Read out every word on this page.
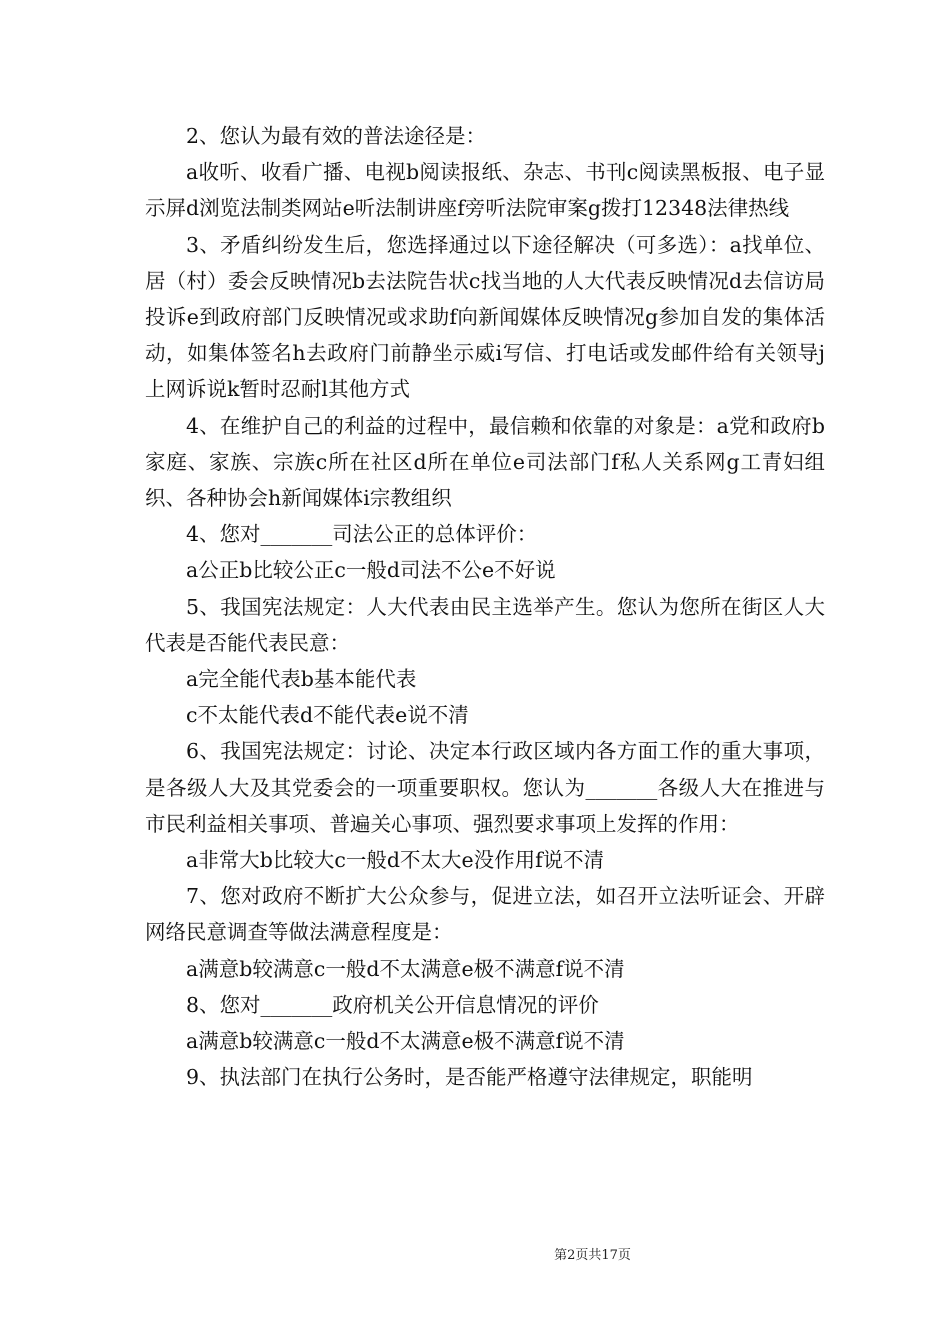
2、您认为最有效的普法途径是：

a收听、收看广播、电视b阅读报纸、杂志、书刊c阅读黑板报、电子显示屏d浏览法制类网站e听法制讲座f旁听法院审案g拨打12348法律热线

3、矛盾纠纷发生后，您选择通过以下途径解决（可多选）：a找单位、居（村）委会反映情况b去法院告状c找当地的人大代表反映情况d去信访局投诉e到政府部门反映情况或求助f向新闻媒体反映情况g参加自发的集体活动，如集体签名h去政府门前静坐示威i写信、打电话或发邮件给有关领导j上网诉说k暂时忍耐l其他方式

4、在维护自己的利益的过程中，最信赖和依靠的对象是：a党和政府b家庭、家族、宗族c所在社区d所在单位e司法部门f私人关系网g工青妇组织、各种协会h新闻媒体i宗教组织

4、您对_______司法公正的总体评价：

a公正b比较公正c一般d司法不公e不好说

5、我国宪法规定：人大代表由民主选举产生。您认为您所在街区人大代表是否能代表民意：

a完全能代表b基本能代表

c不太能代表d不能代表e说不清

6、我国宪法规定：讨论、决定本行政区域内各方面工作的重大事项，是各级人大及其党委会的一项重要职权。您认为_______各级人大在推进与市民利益相关事项、普遍关心事项、强烈要求事项上发挥的作用：

a非常大b比较大c一般d不太大e没作用f说不清

7、您对政府不断扩大公众参与，促进立法，如召开立法听证会、开辟网络民意调查等做法满意程度是：

a满意b较满意c一般d不太满意e极不满意f说不清

8、您对_______政府机关公开信息情况的评价

a满意b较满意c一般d不太满意e极不满意f说不清

9、执法部门在执行公务时，是否能严格遵守法律规定，职能明

第2页共17页
